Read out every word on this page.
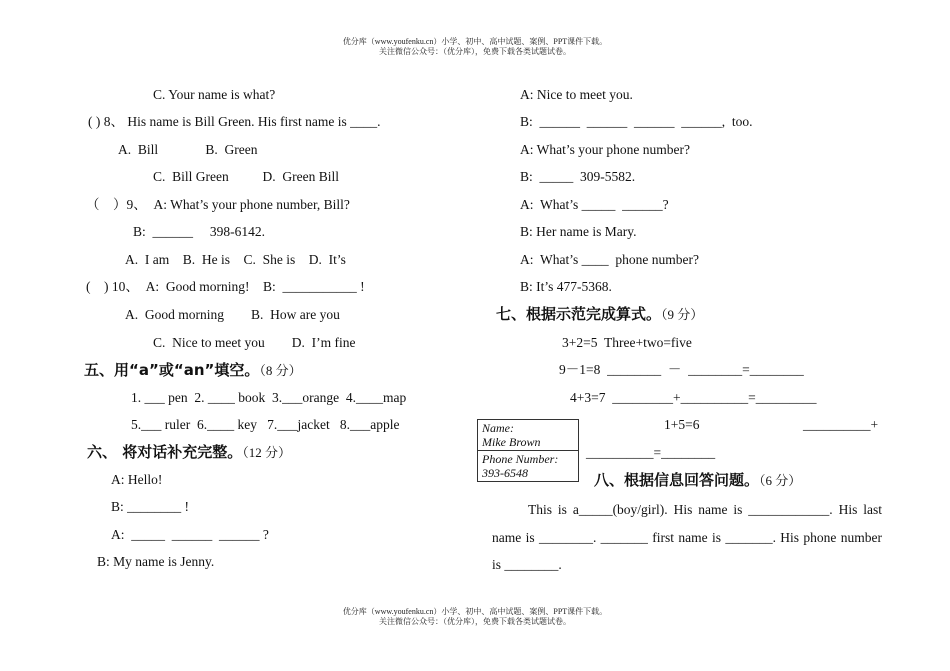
优分库（www.youfenku.cn）小学、初中、高中试题、案例、PPT课件下载。
关注微信公众号：（优分库），免费下载各类试题试卷。
C. Your name is what?
( ) 8、 His name is Bill Green. His first name is ____.
A.  Bill              B.  Green
C.  Bill Green          D.  Green Bill
（    ）9、  A: What’s your phone number, Bill?
B:  ______     398-6142.
A.  I am    B.  He is    C.  She is    D.  It’s
(    ) 10、  A:  Good morning!    B:  ___________ !
A.  Good morning        B.  How are you
C.  Nice to meet you        D.  I’m fine
五、用“a”或“an”填空。（8 分）
1. ___ pen  2. ____ book  3.___orange  4.____map
5.___ ruler  6.____ key   7.___jacket   8.___apple
六、 将对话补充完整。（12 分）
A: Hello!
B: ________ !
A:  _____  ______  ______ ?
B: My name is Jenny.
A: Nice to meet you.
B:  ______  ______  ______  ______,  too.
A: What’s your phone number?
B:  _____  309-5582.
A:  What’s _____  ______?
B: Her name is Mary.
A:  What’s ____  phone number?
B: It’s 477-5368.
七、根据示范完成算式。（9 分）
3+2=5  Three+two=five
9－1=8  ________  －  ________=________
4+3=7  _________+__________=_________
1+5=6	__________+
__________=________
Name:
Mike Brown
Phone Number:
393-6548	八、根据信息回答问题。（6 分）
This is a_____(boy/girl). His name is ____________. His last name is ________. _______ first name is _______. His phone number is ________.
优分库（www.youfenku.cn）小学、初中、高中试题、案例、PPT课件下载。
关注微信公众号：（优分库），免费下载各类试题试卷。
